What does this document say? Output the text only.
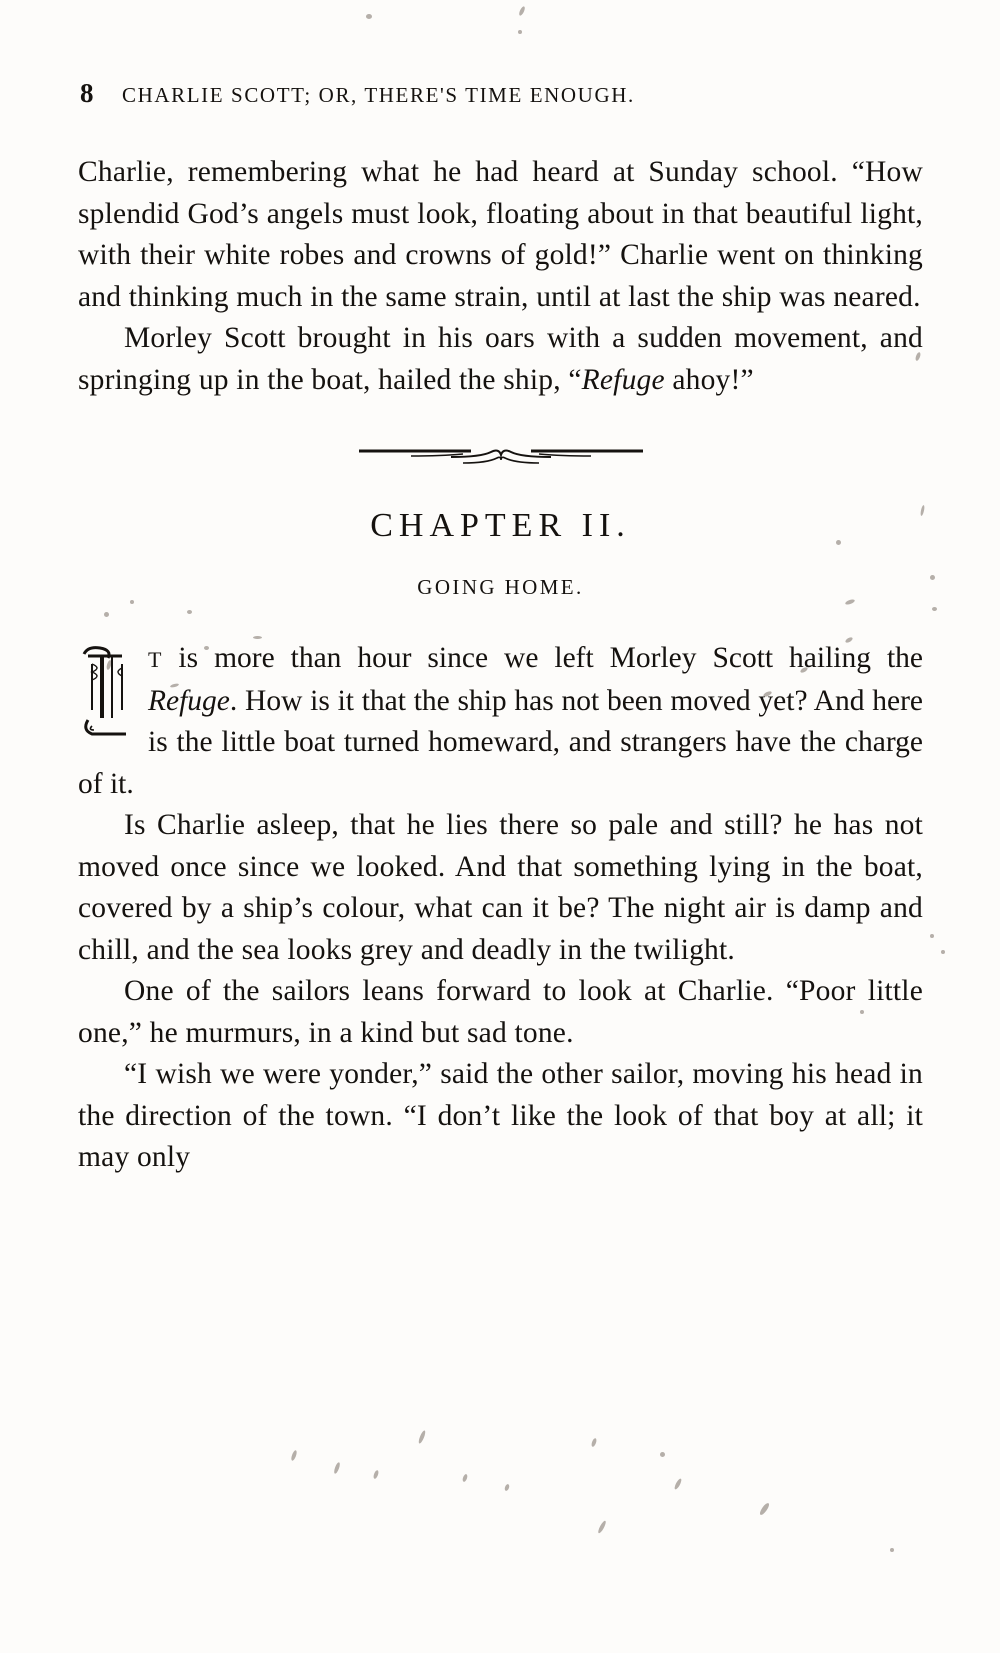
8 CHARLIE SCOTT; OR, THERE'S TIME ENOUGH.

Charlie, remembering what he had heard at Sunday school. “How splendid God’s angels must look, floating about in that beautiful light, with their white robes and crowns of gold!” Charlie went on thinking and thinking much in the same strain, until at last the ship was neared.

Morley Scott brought in his oars with a sudden movement, and springing up in the boat, hailed the ship, “Refuge ahoy!”

CHAPTER II.
GOING HOME.

T is more than hour since we left Morley Scott hailing the Refuge. How is it that the ship has not been moved yet? And here is the little boat turned homeward, and strangers have the charge of it.

Is Charlie asleep, that he lies there so pale and still? he has not moved once since we looked. And that something lying in the boat, covered by a ship’s colour, what can it be? The night air is damp and chill, and the sea looks grey and deadly in the twilight.

One of the sailors leans forward to look at Charlie. “Poor little one,” he murmurs, in a kind but sad tone.

“I wish we were yonder,” said the other sailor, moving his head in the direction of the town. “I don’t like the look of that boy at all; it may only
